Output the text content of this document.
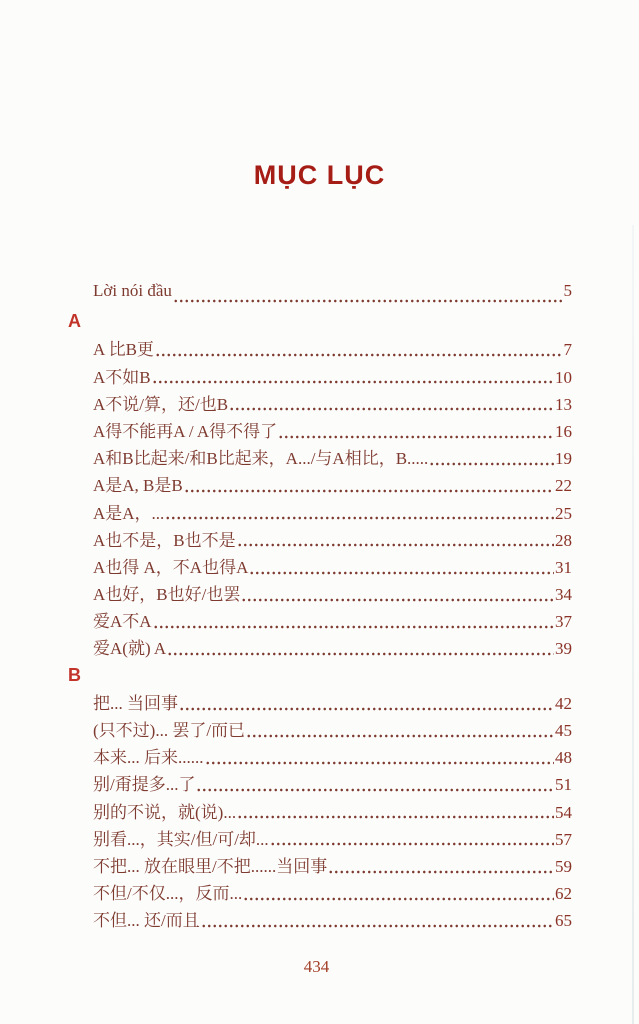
MỤC LỤC
Lời nói đầu	5
A
A 比B更	7
A不如B	10
A不说/算，还/也B	13
A得不能再A / A得不得了	16
A和B比起来/和B比起来，A.../与A相比，B.....	19
A是A, B是B	22
A是A，...	25
A也不是，B也不是	28
A也得 A，不A也得A	31
A也好，B也好/也罢	34
爱A不A	37
爱A(就) A	39
B
把... 当回事	42
(只不过)... 罢了/而已	45
本来... 后来......	48
别/甭提多...了	51
别的不说，就(说)...	54
别看...，其实/但/可/却...	57
不把... 放在眼里/不把......当回事	59
不但/不仅...，反而...	62
不但... 还/而且	65
434
